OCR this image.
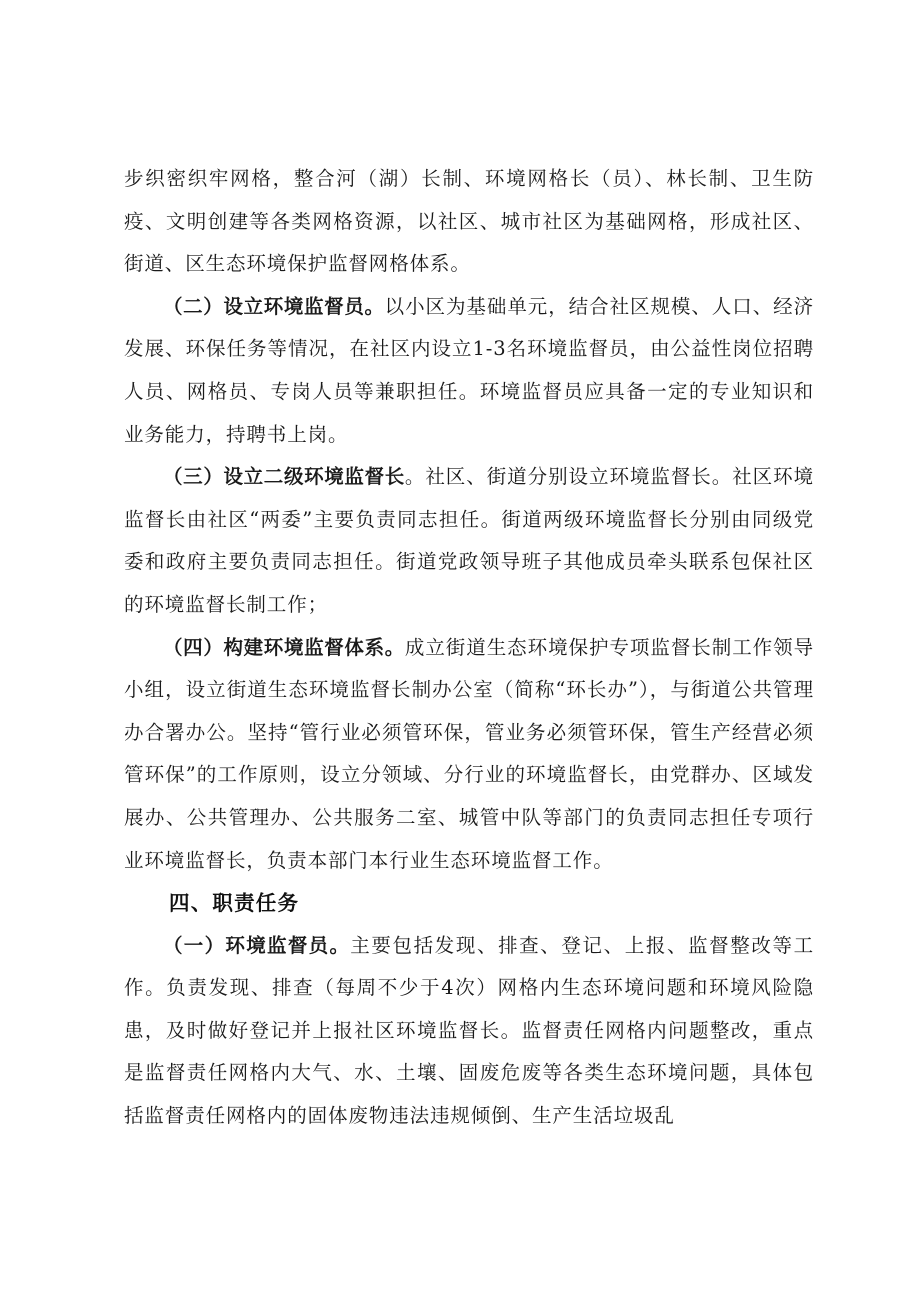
步织密织牢网格，整合河（湖）长制、环境网格长（员）、林长制、卫生防疫、文明创建等各类网格资源，以社区、城市社区为基础网格，形成社区、街道、区生态环境保护监督网格体系。

（二）设立环境监督员。以小区为基础单元，结合社区规模、人口、经济发展、环保任务等情况，在社区内设立1-3名环境监督员，由公益性岗位招聘人员、网格员、专岗人员等兼职担任。环境监督员应具备一定的专业知识和业务能力，持聘书上岗。

（三）设立二级环境监督长。社区、街道分别设立环境监督长。社区环境监督长由社区“两委”主要负责同志担任。街道两级环境监督长分别由同级党委和政府主要负责同志担任。街道党政领导班子其他成员牵头联系包保社区的环境监督长制工作；

（四）构建环境监督体系。成立街道生态环境保护专项监督长制工作领导小组，设立街道生态环境监督长制办公室（简称“环长办”），与街道公共管理办合署办公。坚持“管行业必须管环保，管业务必须管环保，管生产经营必须管环保”的工作原则，设立分领域、分行业的环境监督长，由党群办、区域发展办、公共管理办、公共服务二室、城管中队等部门的负责同志担任专项行业环境监督长，负责本部门本行业生态环境监督工作。

四、职责任务

（一）环境监督员。主要包括发现、排查、登记、上报、监督整改等工作。负责发现、排查（每周不少于4次）网格内生态环境问题和环境风险隐患，及时做好登记并上报社区环境监督长。监督责任网格内问题整改，重点是监督责任网格内大气、水、土壤、固废危废等各类生态环境问题，具体包括监督责任网格内的固体废物违法违规倾倒、生产生活垃圾乱
